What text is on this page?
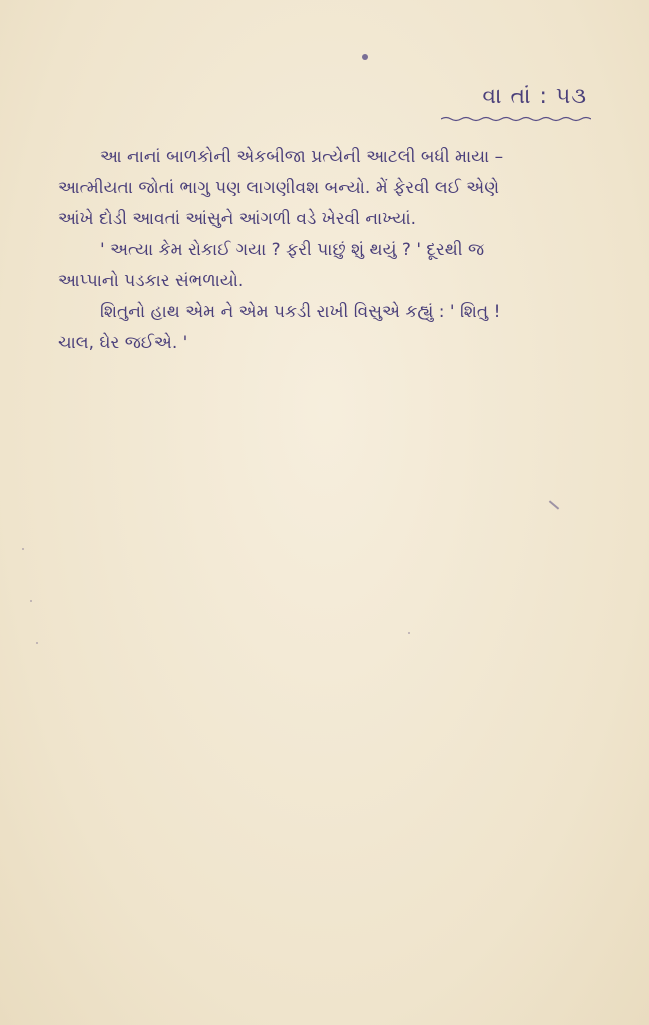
વા તાં : ૫૩

આ નાનાં બાળકોની એકબીજા પ્રત્યેની આટલી બધી માયા –
આત્મીયતા જોતાં ભાગુ પણ લાગણીવશ બન્યો. મેં ફેરવી લઈ એણે
આંખે દોડી આવતાં આંસુને આંગળી વડે ખેરવી નાખ્યાં.

' અત્યા કેમ રોકાઈ ગયા ? ફરી પાછું શું થયું ? ' દૂરથી જ
આપ્પાનો પડકાર સંભળાયો.

શિતુનો હાથ એમ ને એમ પકડી રાખી વિસુએ કહ્યું : ' શિતુ !
ચાલ, ઘેર જઈએ. '
